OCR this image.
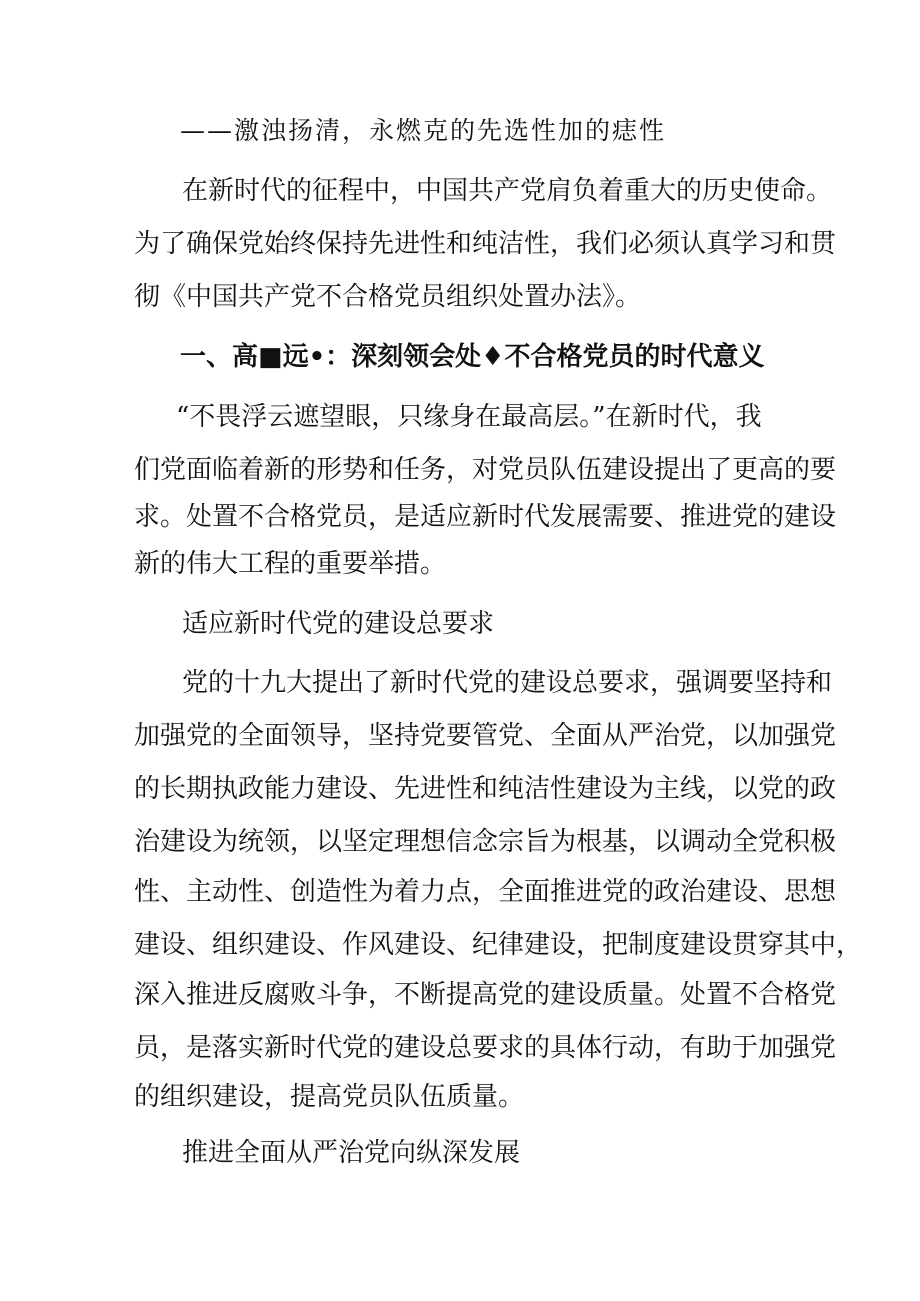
——激浊扬清，永燃克的先选性加的痣性
在新时代的征程中，中国共产党肩负着重大的历史使命。
为了确保党始终保持先进性和纯洁性，我们必须认真学习和贯
彻《中国共产党不合格党员组织处置办法》。
一、高■远•：深刻领会处♦不合格党员的时代意义
“不畏浮云遮望眼，只缘身在最高层。”在新时代，我
们党面临着新的形势和任务，对党员队伍建设提出了更高的要
求。处置不合格党员，是适应新时代发展需要、推进党的建设
新的伟大工程的重要举措。
适应新时代党的建设总要求
党的十九大提出了新时代党的建设总要求，强调要坚持和
加强党的全面领导，坚持党要管党、全面从严治党，以加强党
的长期执政能力建设、先进性和纯洁性建设为主线，以党的政
治建设为统领，以坚定理想信念宗旨为根基，以调动全党积极
性、主动性、创造性为着力点，全面推进党的政治建设、思想
建设、组织建设、作风建设、纪律建设，把制度建设贯穿其中，
深入推进反腐败斗争，不断提高党的建设质量。处置不合格党
员，是落实新时代党的建设总要求的具体行动，有助于加强党
的组织建设，提高党员队伍质量。
推进全面从严治党向纵深发展
